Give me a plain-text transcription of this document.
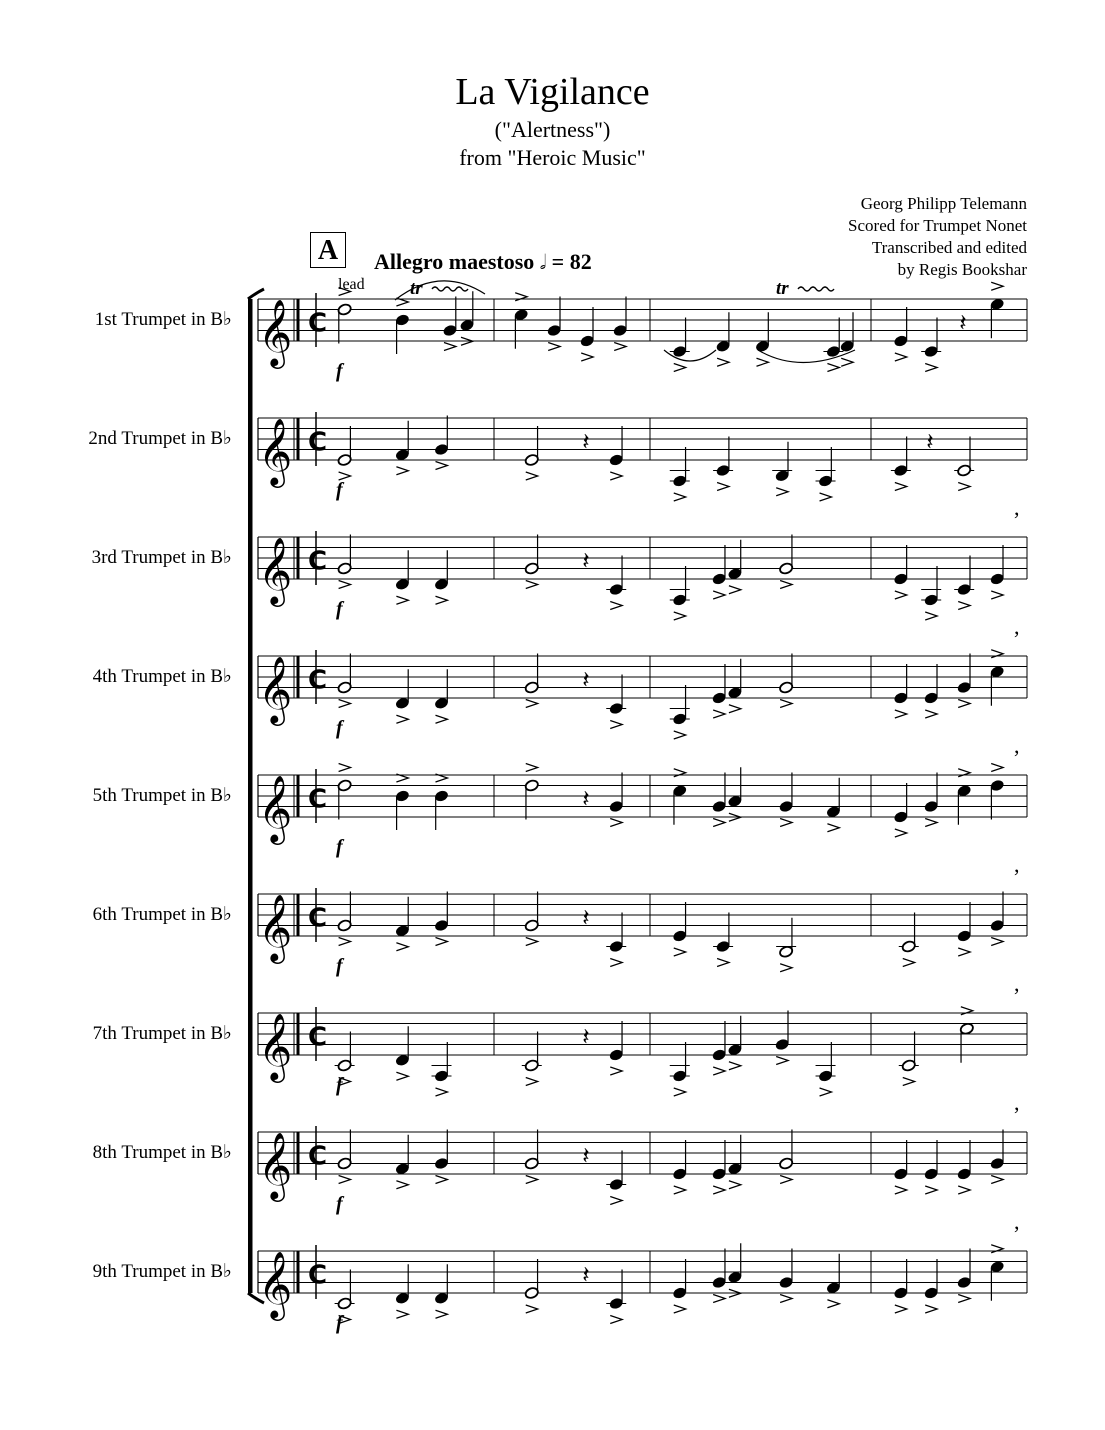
La Vigilance
("Alertness")
from "Heroic Music"
Georg Philipp Telemann
Scored for Trumpet Nonet
Transcribed and edited
by Regis Bookshar
A	Allegro maestoso 𝅗𝅥 = 82
lead
1st Trumpet in B♭
2nd Trumpet in B♭
3rd Trumpet in B♭
4th Trumpet in B♭
5th Trumpet in B♭
6th Trumpet in B♭
7th Trumpet in B♭
8th Trumpet in B♭
9th Trumpet in B♭
𝄞 C	𝄽
f
𝄞 C	𝄽	𝄽
f
𝄞 C	𝄽
f
,
𝄞 C	𝄽
f
,
𝄞 C	𝄽
f
,
𝄞 C	𝄽
f
,
𝄞 C	𝄽
f
,
𝄞 C	𝄽
f
,
𝄞 C	𝄽
f
,
tr	tr
